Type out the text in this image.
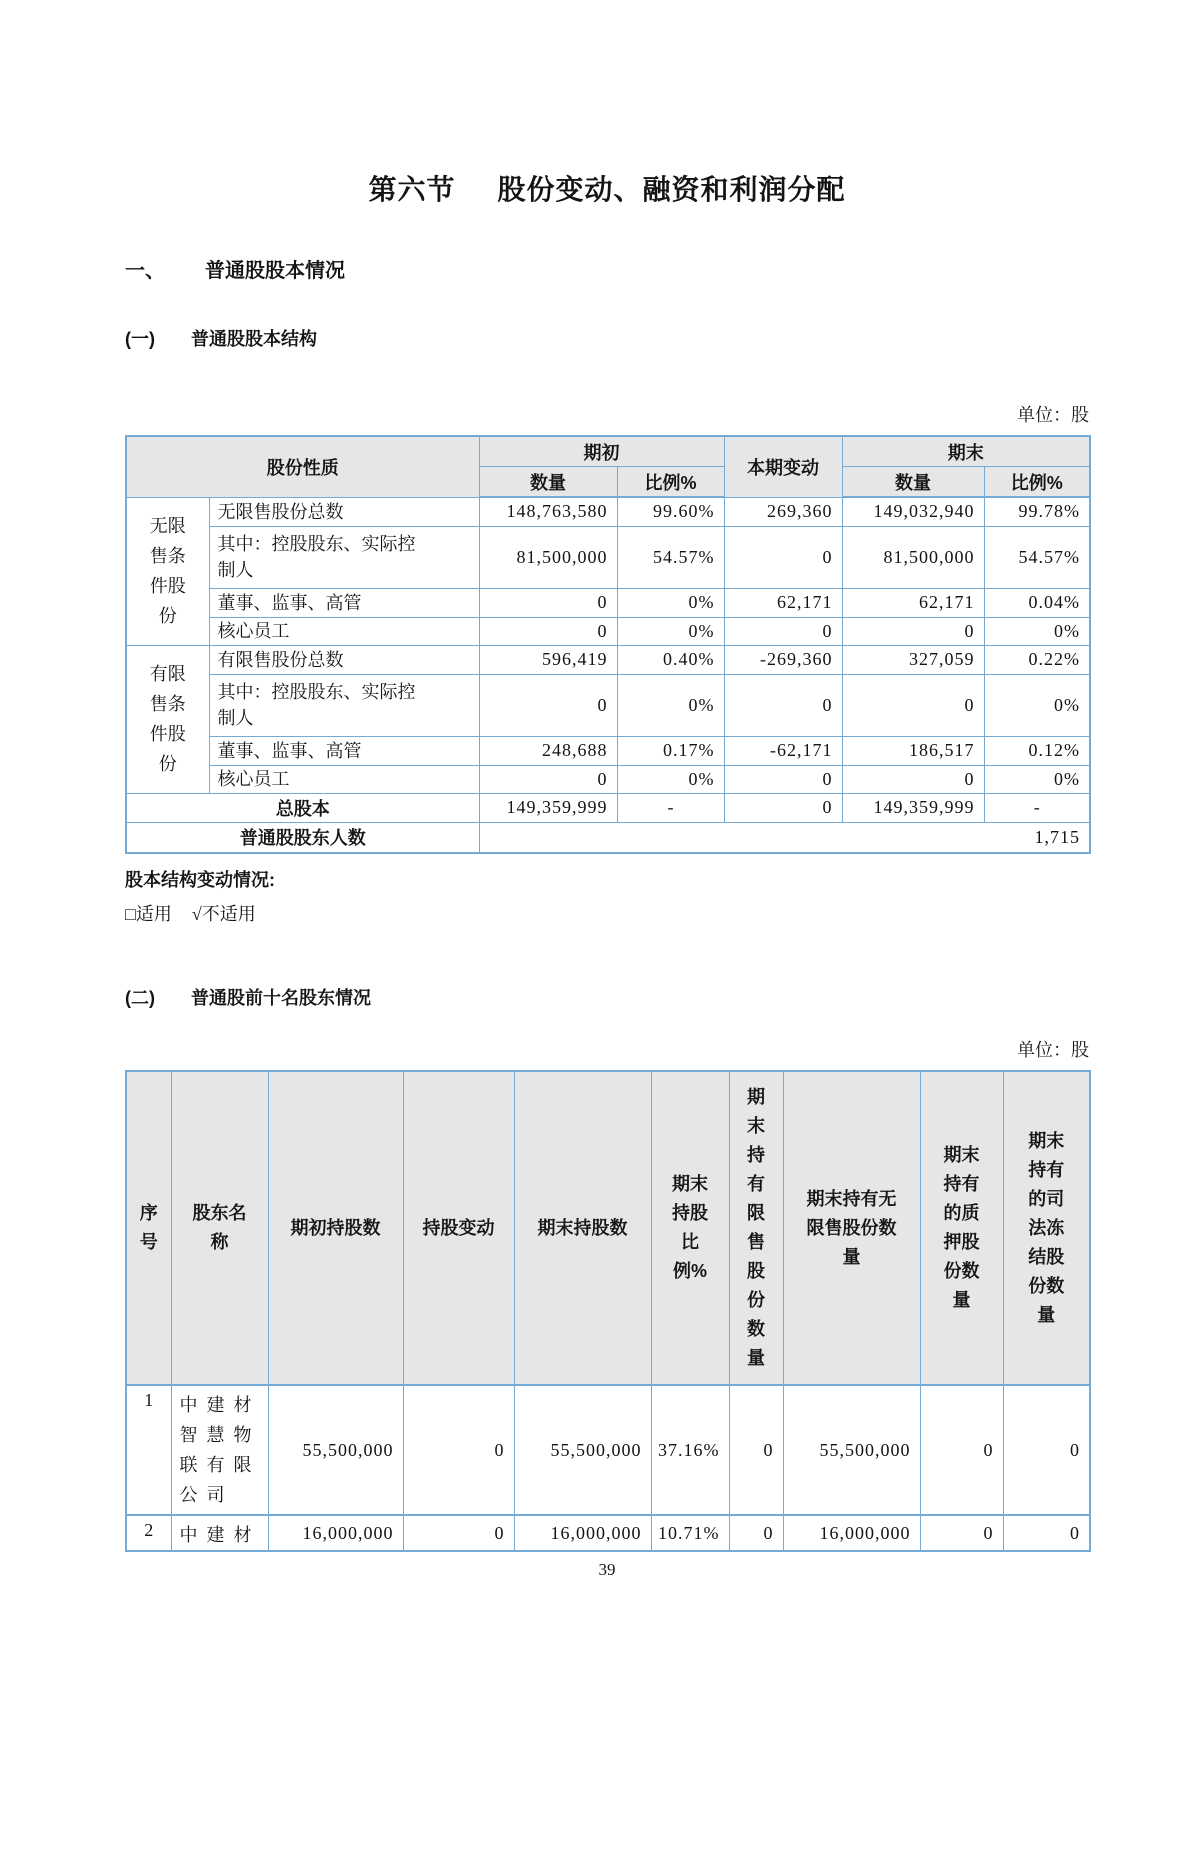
第六节 股份变动、融资和利润分配
一、 普通股股本情况
(一) 普通股股本结构
单位：股
股份性质		期初		本期变动	期末	
		数量	比例%		数量	比例%
无限售条件股份	无限售股份总数	148,763,580	99.60%	269,360	149,032,940	99.78%
	其中：控股股东、实际控制人	81,500,000	54.57%	0	81,500,000	54.57%
	董事、监事、高管	0	0%	62,171	62,171	0.04%
	核心员工	0	0%	0	0	0%
有限售条件股份	有限售股份总数	596,419	0.40%	-269,360	327,059	0.22%
	其中：控股股东、实际控制人	0	0%	0	0	0%
	董事、监事、高管	248,688	0.17%	-62,171	186,517	0.12%
	核心员工	0	0%	0	0	0%
总股本		149,359,999	-	0	149,359,999	-
普通股股东人数		1,715				
股本结构变动情况:
□适用 √不适用
(二) 普通股前十名股东情况
单位：股
序号	股东名称	期初持股数	持股变动	期末持股数	期末持股比例%	期末持有限售股份数量	期末持有无限售股份数量	期末持有的质押股份数量	期末持有的司法冻结股份数量
1	中建材智慧物联有限公司	55,500,000	0	55,500,000	37.16%	0	55,500,000	0	0
2	中建材	16,000,000	0	16,000,000	10.71%	0	16,000,000	0	0
39
